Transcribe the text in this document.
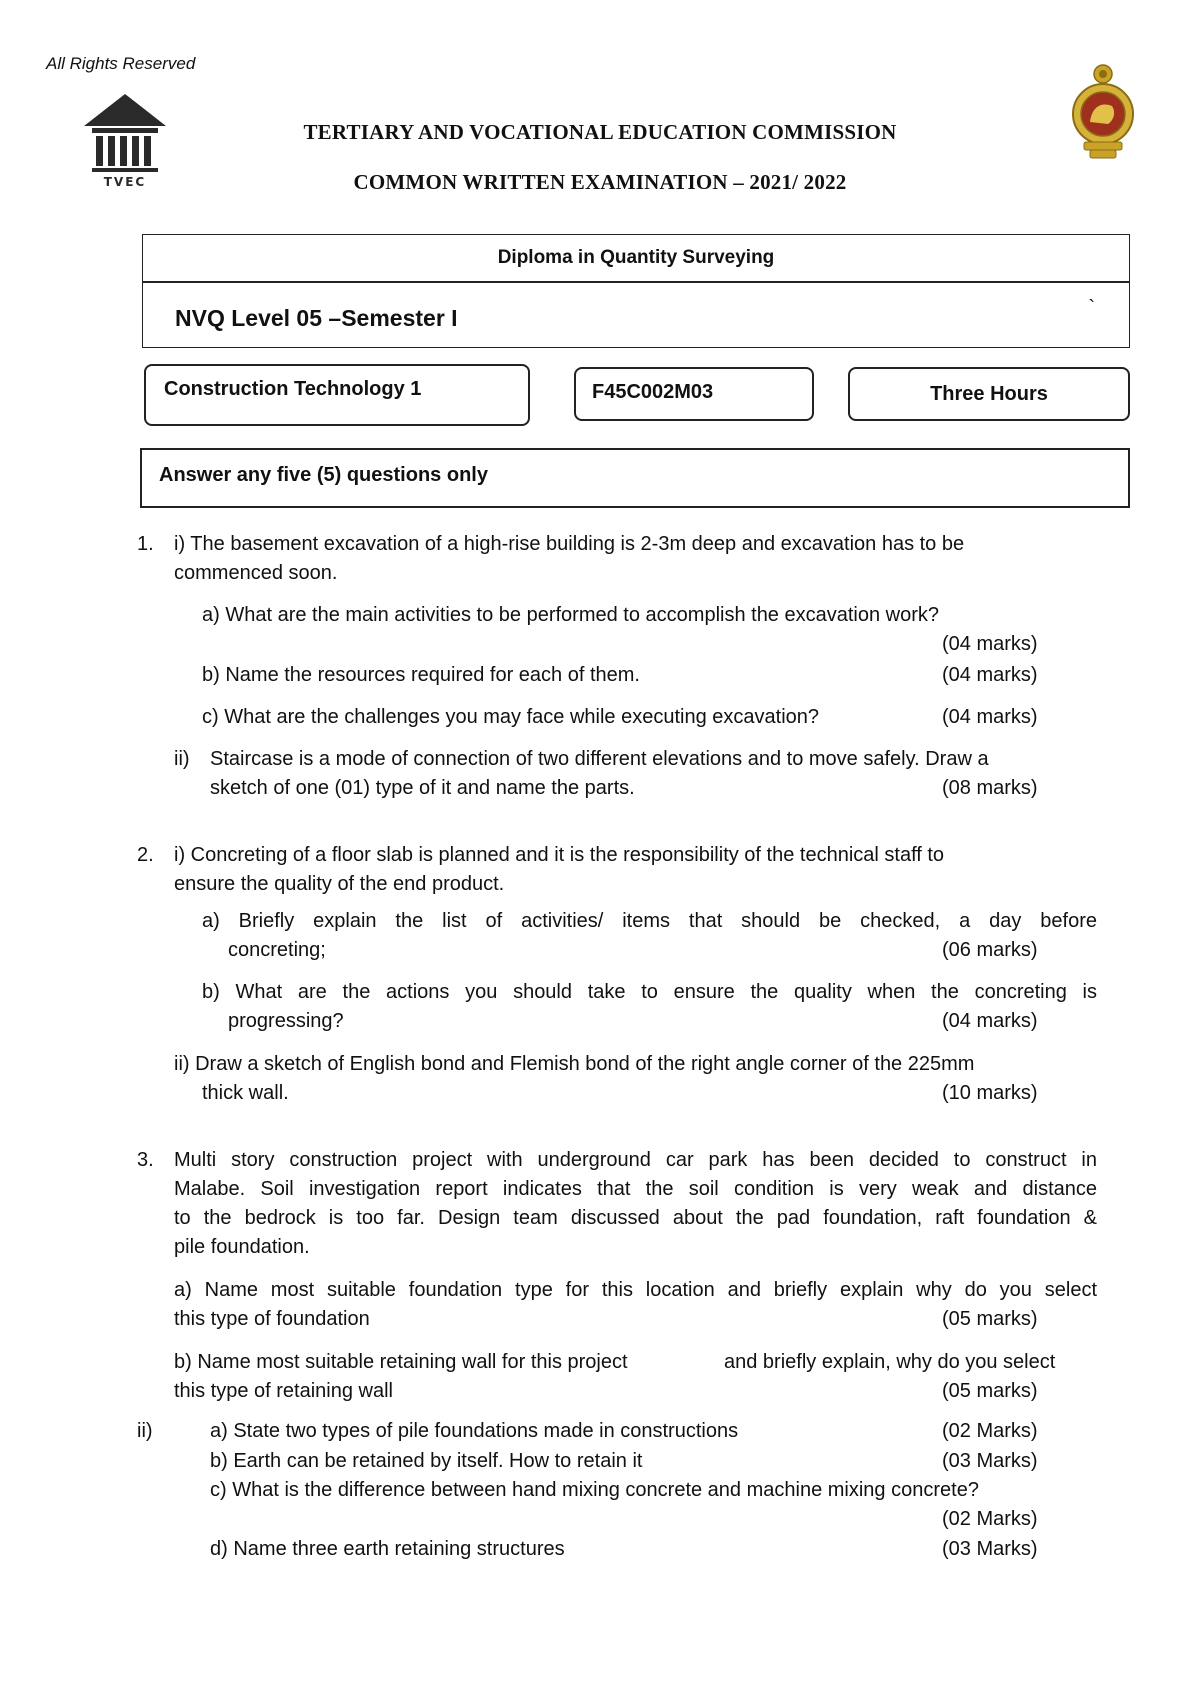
All Rights Reserved
TVEC
TERTIARY AND VOCATIONAL EDUCATION COMMISSION
COMMON WRITTEN EXAMINATION – 2021/ 2022
Diploma in Quantity Surveying
NVQ Level 05 –Semester I	`
Construction Technology 1	F45C002M03	Three Hours
Answer any five (5) questions only
1. i) The basement excavation of a high-rise building is 2-3m deep and excavation has to be
commenced soon.
a) What are the main activities to be performed to accomplish the excavation work?
(04 marks)
b) Name the resources required for each of them.	(04 marks)
c) What are the challenges you may face while executing excavation?	(04 marks)
ii) Staircase is a mode of connection of two different elevations and to move safely. Draw a
sketch of one (01) type of it and name the parts.	(08 marks)
2. i) Concreting of a floor slab is planned and it is the responsibility of the technical staff to
ensure the quality of the end product.
a) Briefly explain the list of activities/ items that should be checked, a day before
concreting;	(06 marks)
b) What are the actions you should take to ensure the quality when the concreting is
progressing?	(04 marks)
ii) Draw a sketch of English bond and Flemish bond of the right angle corner of the 225mm
thick wall.	(10 marks)
3. Multi story construction project with underground car park has been decided to construct in
Malabe. Soil investigation report indicates that the soil condition is very weak and distance
to the bedrock is too far. Design team discussed about the pad foundation, raft foundation &
pile foundation.
a) Name most suitable foundation type for this location and briefly explain why do you select
this type of foundation	(05 marks)
b) Name most suitable retaining wall for this project	and briefly explain, why do you select
this type of retaining wall	(05 marks)
ii)	a) State two types of pile foundations made in constructions	(02 Marks)
b) Earth can be retained by itself. How to retain it	(03 Marks)
c) What is the difference between hand mixing concrete and machine mixing concrete?
(02 Marks)
d) Name three earth retaining structures	(03 Marks)
